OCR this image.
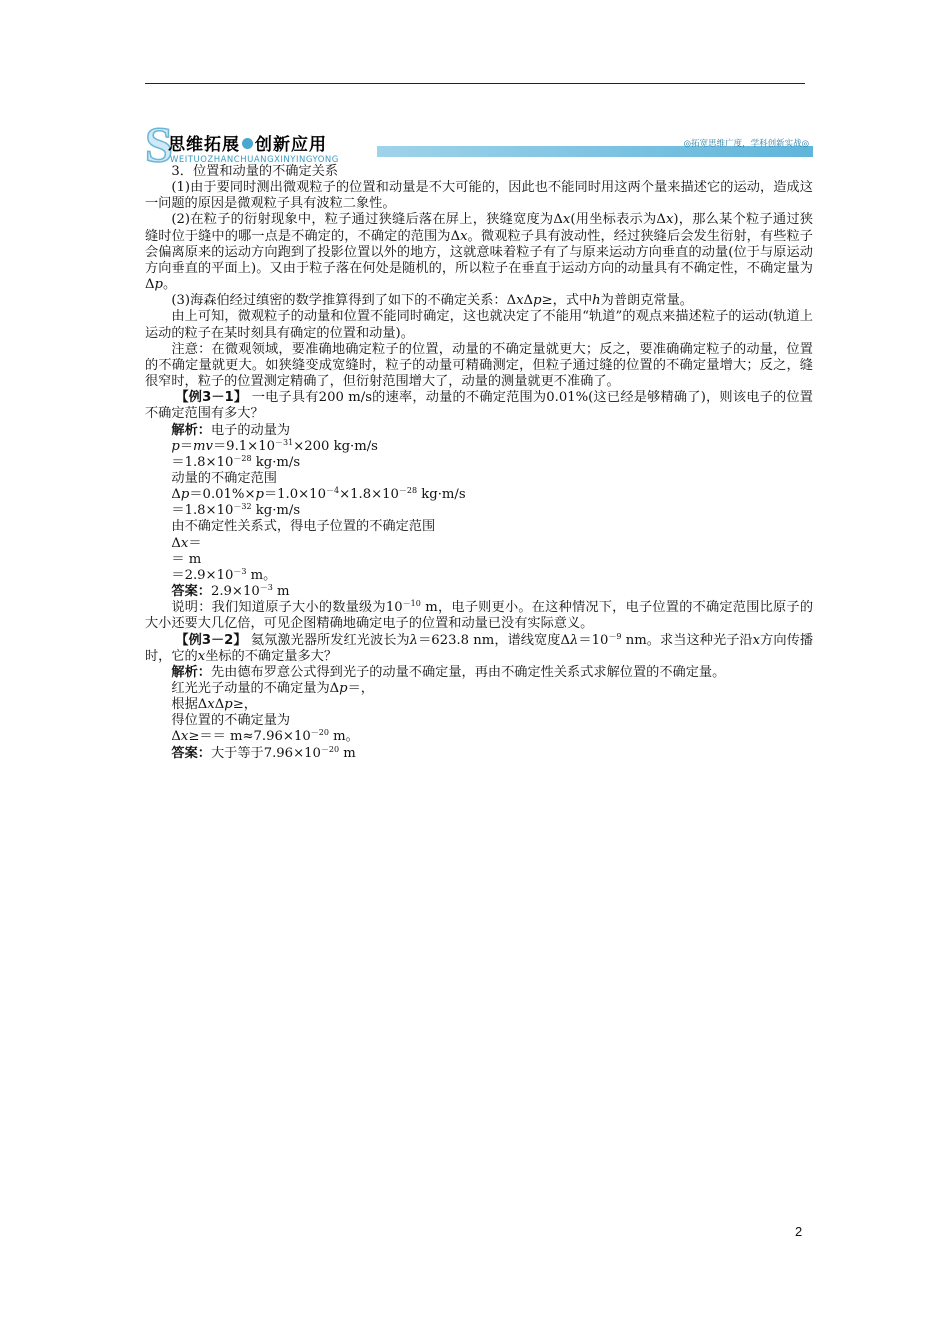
S
思维拓展 创新应用
WEITUOZHANCHUANGXINYINGYONG
◎拓宽思维广度，学科创新实战◎

3．位置和动量的不确定关系

(1)由于要同时测出微观粒子的位置和动量是不大可能的，因此也不能同时用这两个量来描述它的运动，造成这一问题的原因是微观粒子具有波粒二象性。

(2)在粒子的衍射现象中，粒子通过狭缝后落在屏上，狭缝宽度为Δx(用坐标表示为Δx)，那么某个粒子通过狭缝时位于缝中的哪一点是不确定的，不确定的范围为Δx。微观粒子具有波动性，经过狭缝后会发生衍射，有些粒子会偏离原来的运动方向跑到了投影位置以外的地方，这就意味着粒子有了与原来运动方向垂直的动量(位于与原运动方向垂直的平面上)。又由于粒子落在何处是随机的，所以粒子在垂直于运动方向的动量具有不确定性，不确定量为Δp。

(3)海森伯经过缜密的数学推算得到了如下的不确定关系：ΔxΔp≥，式中h为普朗克常量。

由上可知，微观粒子的动量和位置不能同时确定，这也就决定了不能用“轨道”的观点来描述粒子的运动(轨道上运动的粒子在某时刻具有确定的位置和动量)。

注意：在微观领域，要准确地确定粒子的位置，动量的不确定量就更大；反之，要准确确定粒子的动量，位置的不确定量就更大。如狭缝变成宽缝时，粒子的动量可精确测定，但粒子通过缝的位置的不确定量增大；反之，缝很窄时，粒子的位置测定精确了，但衍射范围增大了，动量的测量就更不准确了。

【例3－1】 一电子具有200 m/s的速率，动量的不确定范围为0.01%(这已经是够精确了)，则该电子的位置不确定范围有多大？

解析：电子的动量为

$p=mv=9.1\times 10^{-31}\times 200$ kg·m/s

$=1.8\times 10^{-28}$ kg·m/s

动量的不确定范围

$\Delta p=0.01\%\times p=1.0\times 10^{-4}\times 1.8\times 10^{-28}$ kg·m/s

$=1.8\times 10^{-32}$ kg·m/s

由不确定性关系式，得电子位置的不确定范围

Δx＝

＝ m

$=2.9\times 10^{-3}$ m。

答案：$2.9\times 10^{-3}$ m

说明：我们知道原子大小的数量级为$10^{-10}$ m，电子则更小。在这种情况下，电子位置的不确定范围比原子的大小还要大几亿倍，可见企图精确地确定电子的位置和动量已没有实际意义。

【例3－2】 氦氖激光器所发红光波长为λ＝623.8 nm，谱线宽度$\Delta\lambda=10^{-9}$ nm。求当这种光子沿x方向传播时，它的x坐标的不确定量多大？

解析：先由德布罗意公式得到光子的动量不确定量，再由不确定性关系式求解位置的不确定量。

红光光子动量的不确定量为Δp＝，

根据ΔxΔp≥，

得位置的不确定量为

$\Delta x\ge== m\approx 7.96\times 10^{-20}$ m。

答案：大于等于$7.96\times 10^{-20}$ m

2
